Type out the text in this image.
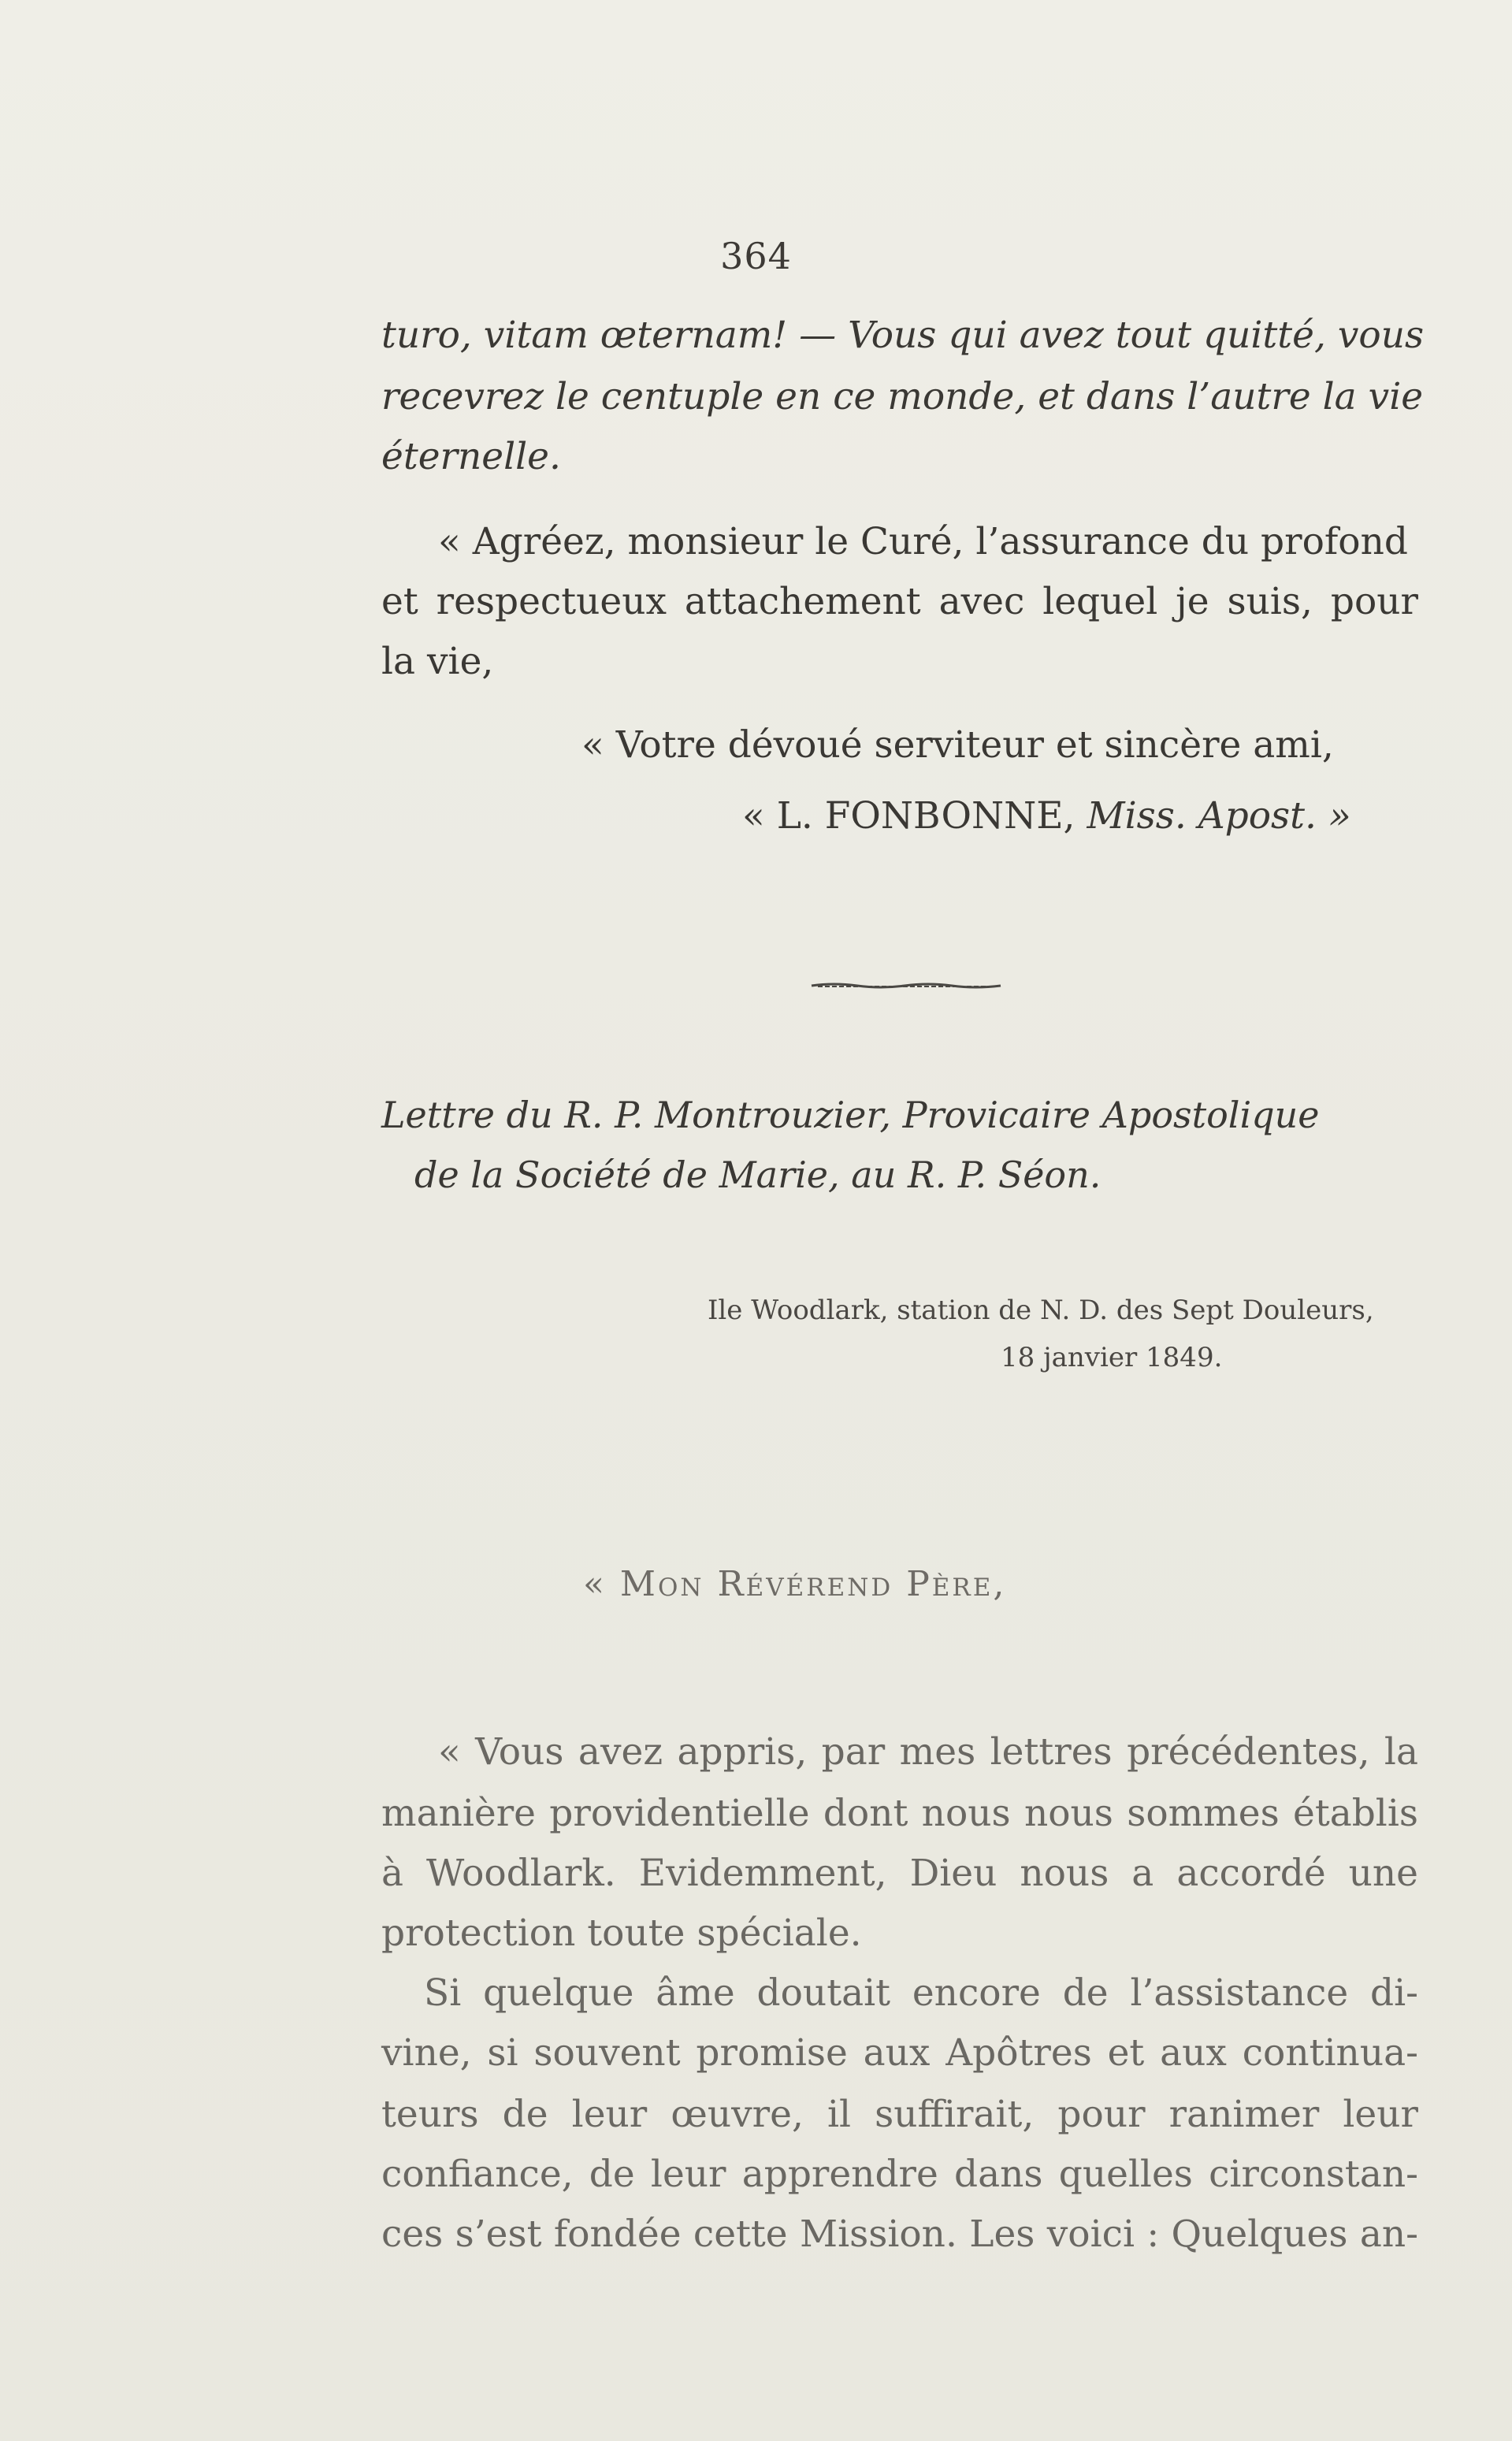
364

turo, vitam œternam! — Vous qui avez tout quitté, vous

recevrez le centuple en ce monde, et dans l’autre la vie

éternelle.

« Agréez, monsieur le Curé, l’assurance du profond

et respectueux attachement avec lequel je suis, pour

la vie,

« Votre dévoué serviteur et sincère ami,

« L. FONBONNE, Miss. Apost. »

Lettre du R. P. Montrouzier, Provicaire Apostolique

de la Société de Marie, au R. P. Séon.

Ile Woodlark, station de N. D. des Sept Douleurs,

18 janvier 1849.

« Mon Révérend Père,

« Vous avez appris, par mes lettres précédentes, la

manière providentielle dont nous nous sommes établis

à Woodlark. Evidemment, Dieu nous a accordé une

protection toute spéciale.

Si quelque âme doutait encore de l’assistance di-

vine, si souvent promise aux Apôtres et aux continua-

teurs de leur œuvre, il suffirait, pour ranimer leur

confiance, de leur apprendre dans quelles circonstan-

ces s’est fondée cette Mission. Les voici : Quelques an-
